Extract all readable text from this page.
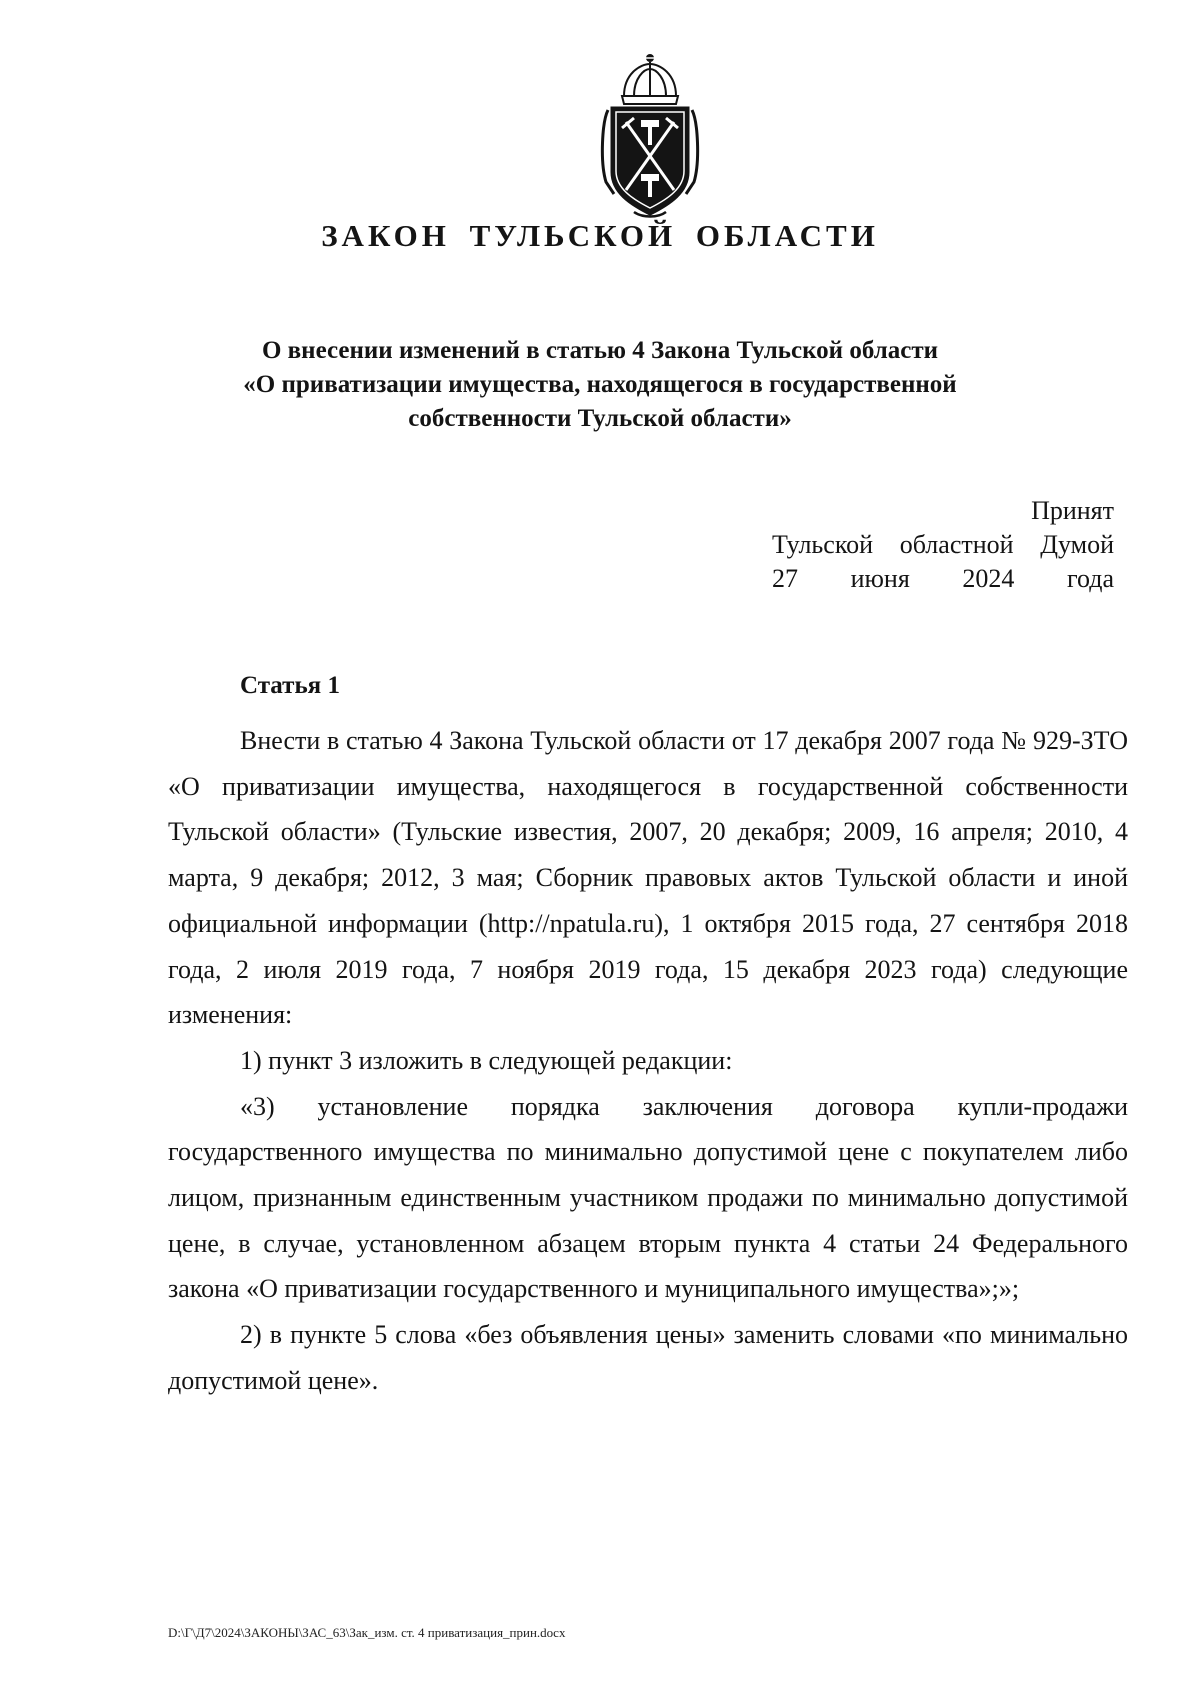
ЗАКОН ТУЛЬСКОЙ ОБЛАСТИ
О внесении изменений в статью 4 Закона Тульской области
«О приватизации имущества, находящегося в государственной
собственности Тульской области»
Принят
Тульской областной Думой
27 июня 2024 года
Статья 1

Внести в статью 4 Закона Тульской области от 17 декабря 2007 года № 929-ЗТО «О приватизации имущества, находящегося в государственной собственности Тульской области» (Тульские известия, 2007, 20 декабря; 2009, 16 апреля; 2010, 4 марта, 9 декабря; 2012, 3 мая; Сборник правовых актов Тульской области и иной официальной информации (http://npatula.ru), 1 октября 2015 года, 27 сентября 2018 года, 2 июля 2019 года, 7 ноября 2019 года, 15 декабря 2023 года) следующие изменения:

1) пункт 3 изложить в следующей редакции:

«3) установление порядка заключения договора купли-продажи государственного имущества по минимально допустимой цене с покупателем либо лицом, признанным единственным участником продажи по минимально допустимой цене, в случае, установленном абзацем вторым пункта 4 статьи 24 Федерального закона «О приватизации государственного и муниципального имущества»;»;

2) в пункте 5 слова «без объявления цены» заменить словами «по минимально допустимой цене».

D:\Г\Д7\2024\ЗАКОНЫ\ЗАС_63\Зак_изм. ст. 4 приватизация_прин.docx
